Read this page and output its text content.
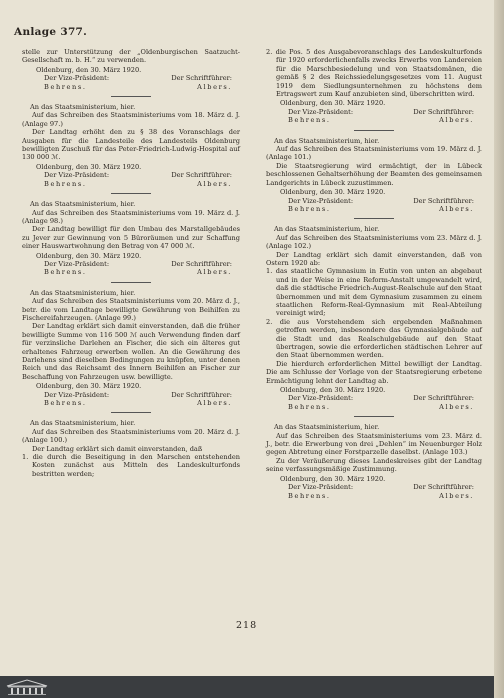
Anlage 377.

stelle zur Unterstützung der „Oldenburgischen Saatzucht-Gesellschaft m. b. H.“ zu verwenden.

Oldenburg, den 30. März 1920.

Der Vize-Präsident:	Der Schriftführer:
Behrens.	Albers.

An das Staatsministerium, hier.

Auf das Schreiben des Staatsministeriums vom 18. März d. J. (Anlage 97.)

Der Landtag erhöht den zu § 38 des Voranschlags der Ausgaben für die Landesteile des Landesteils Oldenburg bewilligten Zuschuß für das Peter-Friedrich-Ludwig-Hospital auf 130 000 ℳ.

Oldenburg, den 30. März 1920.

Der Vize-Präsident:	Der Schriftführer:
Behrens.	Albers.

An das Staatsministerium, hier.

Auf das Schreiben des Staatsministeriums vom 19. März d. J. (Anlage 98.)

Der Landtag bewilligt für den Umbau des Marstallgebäudes zu Jever zur Gewinnung von 5 Büroräumen und zur Schaffung einer Hauswartwohnung den Betrag von 47 000 ℳ.

Oldenburg, den 30. März 1920.

Der Vize-Präsident:	Der Schriftführer:
Behrens.	Albers.

An das Staatsministerium, hier.

Auf das Schreiben des Staatsministeriums vom 20. März d. J., betr. die vom Landtage bewilligte Gewährung von Beihilfen zu Fischereifahrzeugen. (Anlage 99.)

Der Landtag erklärt sich damit einverstanden, daß die früher bewilligte Summe von 116 500 ℳ auch Verwendung finden darf für verzinsliche Darlehen an Fischer, die sich ein älteres gut erhaltenes Fahrzeug erwerben wollen. An die Gewährung des Darlehens sind dieselben Bedingungen zu knüpfen, unter denen Reich und das Reichsamt des Innern Beihilfen an Fischer zur Beschaffung von Fahrzeugen usw. bewilligte.

Oldenburg, den 30. März 1920.

Der Vize-Präsident:	Der Schriftführer:
Behrens.	Albers.

An das Staatsministerium, hier.

Auf das Schreiben des Staatsministeriums vom 20. März d. J. (Anlage 100.)

Der Landtag erklärt sich damit einverstanden, daß

1. die durch die Beseitigung in den Marschen entstehenden Kosten zunächst aus Mitteln des Landeskulturfonds bestritten werden;
2. die Pos. 5 des Ausgabevoranschlags des Landeskulturfonds für 1920 erforderlichenfalls zwecks Erwerbs von Landereien für die Marschbesiedelung und von Staatsdomänen, die gemäß § 2 des Reichssiedelungsgesetzes vom 11. August 1919 dem Siedlungsunternehmen zu höchstens dem Ertragswert zum Kauf anzubieten sind, überschritten wird.

Oldenburg, den 30. März 1920.

Der Vize-Präsident:	Der Schriftführer:
Behrens.	Albers.

An das Staatsministerium, hier.

Auf das Schreiben des Staatsministeriums vom 19. März d. J. (Anlage 101.)

Die Staatsregierung wird ermächtigt, der in Lübeck beschlossenen Gehaltserhöhung der Beamten des gemeinsamen Landgerichts in Lübeck zuzustimmen.

Oldenburg, den 30. März 1920.

Der Vize-Präsident:	Der Schriftführer:
Behrens.	Albers.

An das Staatsministerium, hier.

Auf das Schreiben des Staatsministeriums vom 23. März d. J. (Anlage 102.)

Der Landtag erklärt sich damit einverstanden, daß von Ostern 1920 ab:

1. das staatliche Gymnasium in Eutin von unten an abgebaut und in der Weise in eine Reform-Anstalt umgewandelt wird, daß die städtische Friedrich-August-Realschule auf den Staat übernommen und mit dem Gymnasium zusammen zu einem staatlichen Reform-Real-Gymnasium mit Real-Abteilung vereinigt wird;
2. die aus Vorstehendem sich ergebenden Maßnahmen getroffen werden, insbesondere das Gymnasialgebäude auf die Stadt und das Realschulgebäude auf den Staat übertragen, sowie die erforderlichen städtischen Lehrer auf den Staat übernommen werden.

Die hierdurch erforderlichen Mittel bewilligt der Landtag. Die am Schlusse der Vorlage von der Staatsregierung erbetene Ermächtigung lehnt der Landtag ab.

Oldenburg, den 30. März 1920.

Der Vize-Präsident:	Der Schriftführer:
Behrens.	Albers.

An das Staatsministerium, hier.

Auf das Schreiben des Staatsministeriums vom 23. März d. J., betr. die Erwerbung von drei „Dehlen“ im Neuenburger Holz gegen Abtretung einer Forstparzelle daselbst. (Anlage 103.)

Zu der Veräußerung dieses Landeskreises gibt der Landtag seine verfassungsmäßige Zustimmung.

Oldenburg, den 30. März 1920.

Der Vize-Präsident:	Der Schriftführer:
Behrens.	Albers.
218
